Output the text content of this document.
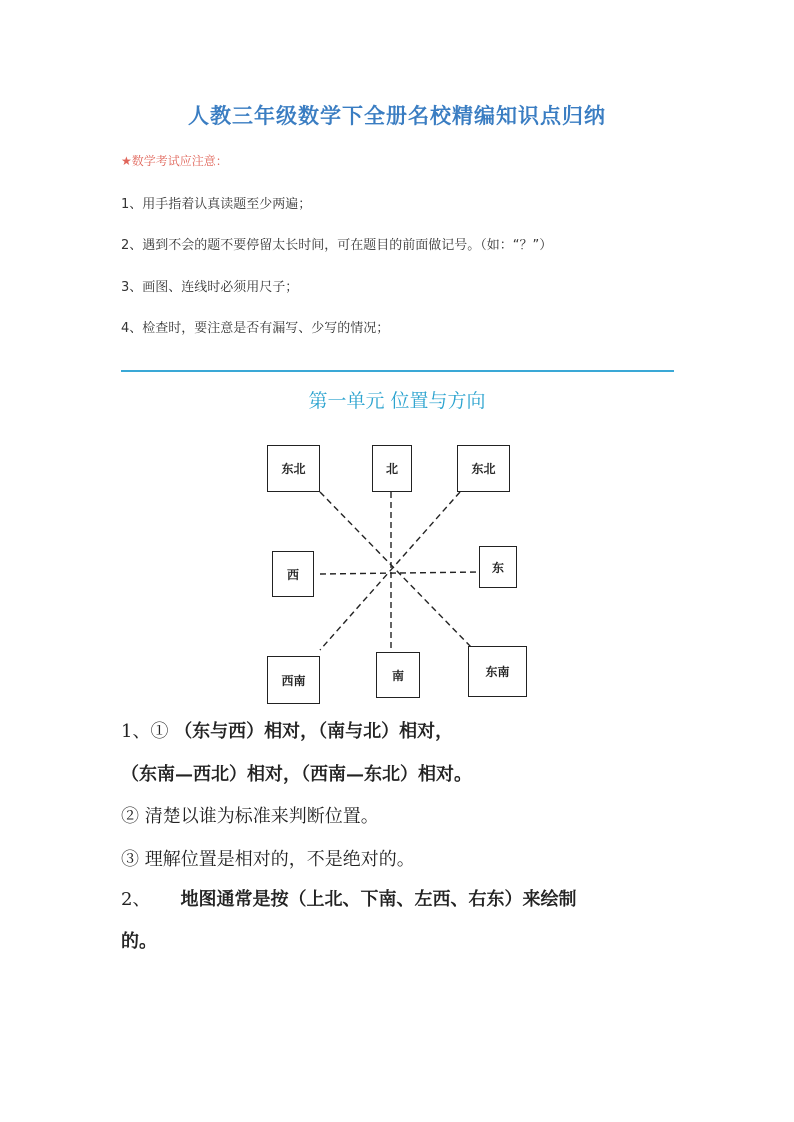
人教三年级数学下全册名校精编知识点归纳
★数学考试应注意：
1、用手指着认真读题至少两遍；
2、遇到不会的题不要停留太长时间，可在题目的前面做记号。（如：“？”）
3、画图、连线时必须用尺子；
4、检查时，要注意是否有漏写、少写的情况；
第一单元 位置与方向
东北	北	东北
西	东
西南	南	东南
1、① （东与西）相对，（南与北）相对，
（东南—西北）相对，（西南—东北）相对。
② 清楚以谁为标准来判断位置。
③ 理解位置是相对的，不是绝对的。
2、 地图通常是按（上北、下南、左西、右东）来绘制
的。
